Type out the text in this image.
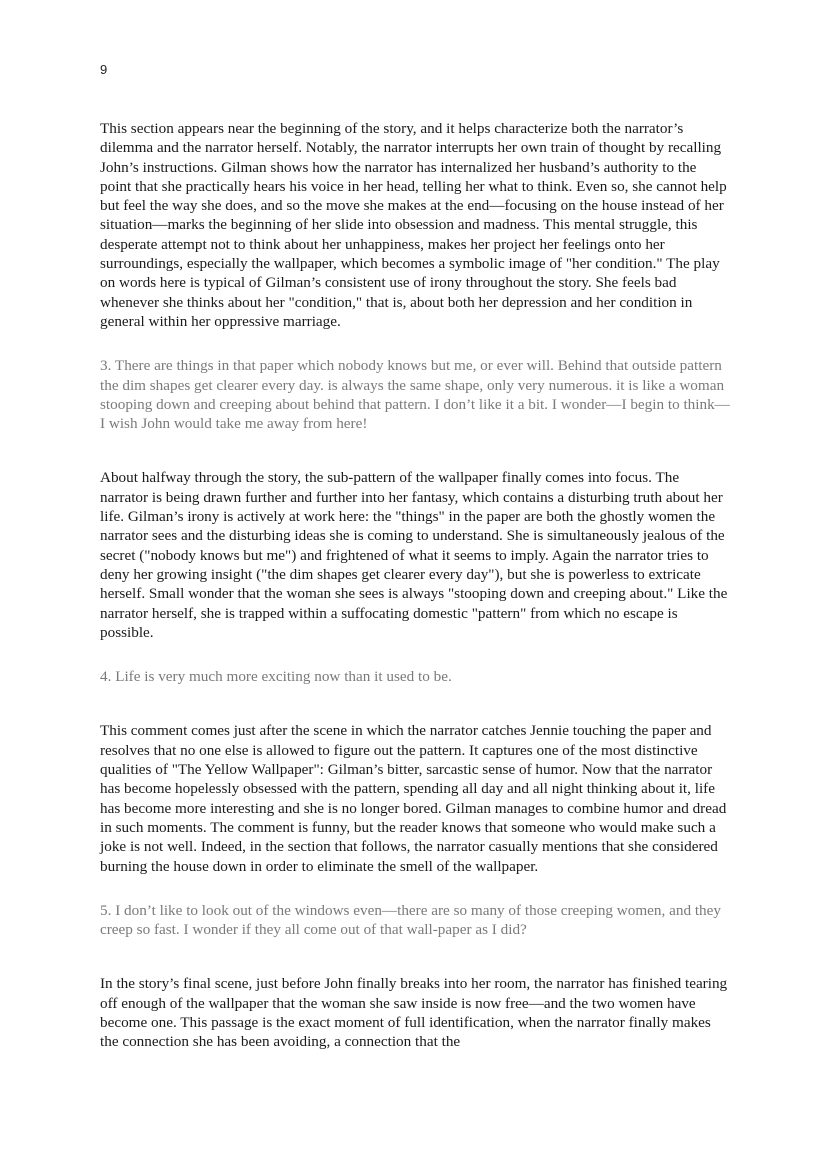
9

This section appears near the beginning of the story, and it helps characterize both the narrator’s dilemma and the narrator herself. Notably, the narrator interrupts her own train of thought by recalling John’s instructions. Gilman shows how the narrator has internalized her husband’s authority to the point that she practically hears his voice in her head, telling her what to think. Even so, she cannot help but feel the way she does, and so the move she makes at the end—focusing on the house instead of her situation—marks the beginning of her slide into obsession and madness. This mental struggle, this desperate attempt not to think about her unhappiness, makes her project her feelings onto her surroundings, especially the wallpaper, which becomes a symbolic image of "her condition." The play on words here is typical of Gilman’s consistent use of irony throughout the story. She feels bad whenever she thinks about her "condition," that is, about both her depression and her condition in general within her oppressive marriage.

3. There are things in that paper which nobody knows but me, or ever will. Behind that outside pattern the dim shapes get clearer every day. is always the same shape, only very numerous. it is like a woman stooping down and creeping about behind that pattern. I don’t like it a bit. I wonder—I begin to think—I wish John would take me away from here!

About halfway through the story, the sub-pattern of the wallpaper finally comes into focus. The narrator is being drawn further and further into her fantasy, which contains a disturbing truth about her life. Gilman’s irony is actively at work here: the "things" in the paper are both the ghostly women the narrator sees and the disturbing ideas she is coming to understand. She is simultaneously jealous of the secret ("nobody knows but me") and frightened of what it seems to imply. Again the narrator tries to deny her growing insight ("the dim shapes get clearer every day"), but she is powerless to extricate herself. Small wonder that the woman she sees is always "stooping down and creeping about." Like the narrator herself, she is trapped within a suffocating domestic "pattern" from which no escape is possible.

4. Life is very much more exciting now than it used to be.

This comment comes just after the scene in which the narrator catches Jennie touching the paper and resolves that no one else is allowed to figure out the pattern. It captures one of the most distinctive qualities of "The Yellow Wallpaper": Gilman’s bitter, sarcastic sense of humor. Now that the narrator has become hopelessly obsessed with the pattern, spending all day and all night thinking about it, life has become more interesting and she is no longer bored. Gilman manages to combine humor and dread in such moments. The comment is funny, but the reader knows that someone who would make such a joke is not well. Indeed, in the section that follows, the narrator casually mentions that she considered burning the house down in order to eliminate the smell of the wallpaper.

5. I don’t like to look out of the windows even—there are so many of those creeping women, and they creep so fast. I wonder if they all come out of that wall-paper as I did?

In the story’s final scene, just before John finally breaks into her room, the narrator has finished tearing off enough of the wallpaper that the woman she saw inside is now free—and the two women have become one. This passage is the exact moment of full identification, when the narrator finally makes the connection she has been avoiding, a connection that the
